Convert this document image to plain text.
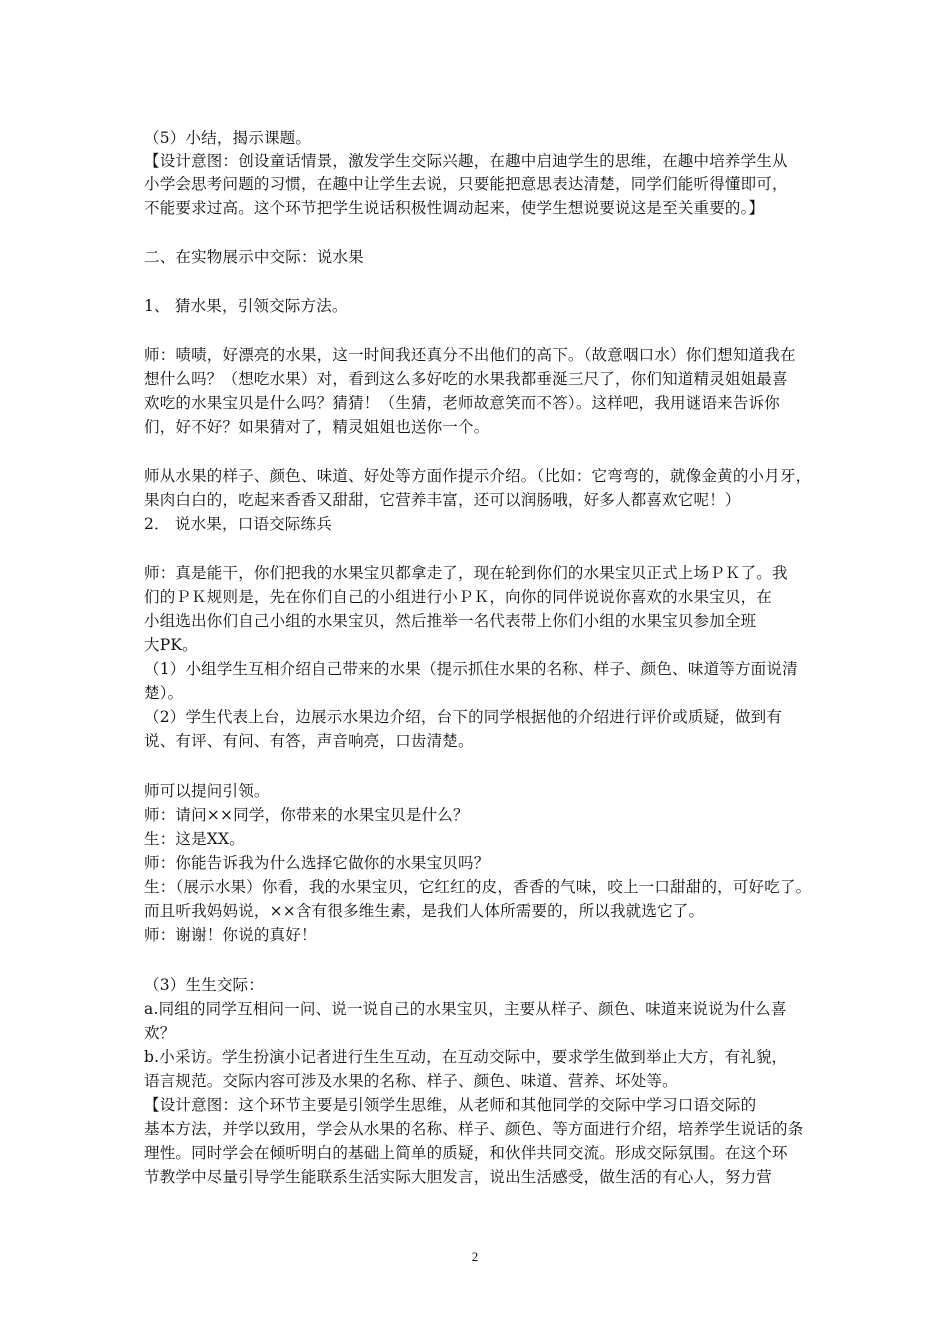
（5）小结，揭示课题。
【设计意图：创设童话情景，激发学生交际兴趣，在趣中启迪学生的思维，在趣中培养学生从
小学会思考问题的习惯，在趣中让学生去说，只要能把意思表达清楚，同学们能听得懂即可，
不能要求过高。这个环节把学生说话积极性调动起来，使学生想说要说这是至关重要的。】
二、在实物展示中交际：说水果
1、 猜水果，引领交际方法。
师：啧啧，好漂亮的水果，这一时间我还真分不出他们的高下。（故意咽口水）你们想知道我在
想什么吗？（想吃水果）对，看到这么多好吃的水果我都垂涎三尺了，你们知道精灵姐姐最喜
欢吃的水果宝贝是什么吗？猜猜！（生猜，老师故意笑而不答）。这样吧，我用谜语来告诉你
们，好不好？如果猜对了，精灵姐姐也送你一个。
师从水果的样子、颜色、味道、好处等方面作提示介绍。（比如：它弯弯的，就像金黄的小月牙，
果肉白白的，吃起来香香又甜甜，它营养丰富，还可以润肠哦，好多人都喜欢它呢！）
2． 说水果，口语交际练兵
师：真是能干，你们把我的水果宝贝都拿走了，现在轮到你们的水果宝贝正式上场ＰＫ了。我
们的ＰＫ规则是，先在你们自己的小组进行小ＰＫ，向你的同伴说说你喜欢的水果宝贝，在
小组选出你们自己小组的水果宝贝，然后推举一名代表带上你们小组的水果宝贝参加全班
大PK。
（1）小组学生互相介绍自己带来的水果（提示抓住水果的名称、样子、颜色、味道等方面说清
楚）。
（2）学生代表上台，边展示水果边介绍，台下的同学根据他的介绍进行评价或质疑，做到有
说、有评、有问、有答，声音响亮，口齿清楚。
师可以提问引领。
师：请问××同学，你带来的水果宝贝是什么？
生：这是XX。
师：你能告诉我为什么选择它做你的水果宝贝吗？
生：（展示水果）你看，我的水果宝贝，它红红的皮，香香的气味，咬上一口甜甜的，可好吃了。
而且听我妈妈说，××含有很多维生素，是我们人体所需要的，所以我就选它了。
师：谢谢！你说的真好！
（3）生生交际：
a.同组的同学互相问一问、说一说自己的水果宝贝，主要从样子、颜色、味道来说说为什么喜
欢？
b.小采访。学生扮演小记者进行生生互动，在互动交际中，要求学生做到举止大方，有礼貌，
语言规范。交际内容可涉及水果的名称、样子、颜色、味道、营养、坏处等。
【设计意图：这个环节主要是引领学生思维，从老师和其他同学的交际中学习口语交际的
基本方法，并学以致用，学会从水果的名称、样子、颜色、等方面进行介绍，培养学生说话的条
理性。同时学会在倾听明白的基础上简单的质疑，和伙伴共同交流。形成交际氛围。在这个环
节教学中尽量引导学生能联系生活实际大胆发言，说出生活感受，做生活的有心人，努力营
2
